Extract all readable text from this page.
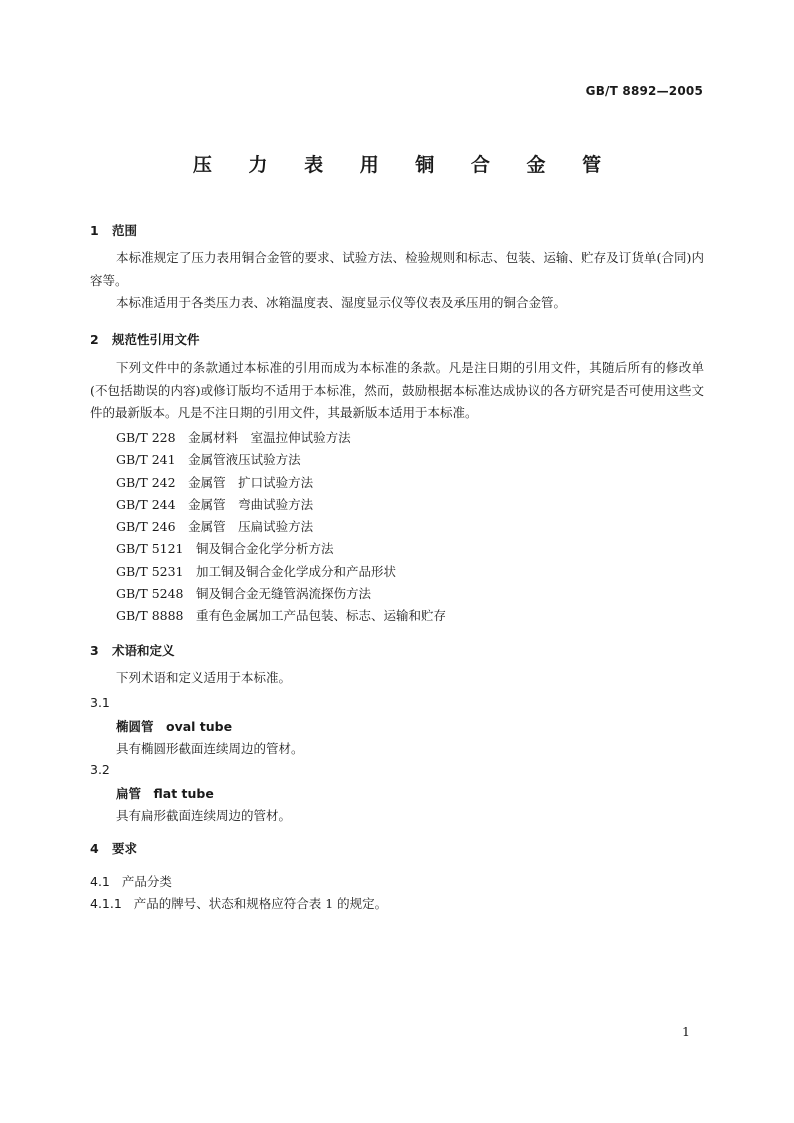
GB/T 8892—2005
压 力 表 用 铜 合 金 管
1 范围
本标准规定了压力表用铜合金管的要求、试验方法、检验规则和标志、包装、运输、贮存及订货单(合同)内容等。
本标准适用于各类压力表、冰箱温度表、湿度显示仪等仪表及承压用的铜合金管。
2 规范性引用文件
下列文件中的条款通过本标准的引用而成为本标准的条款。凡是注日期的引用文件，其随后所有的修改单(不包括勘误的内容)或修订版均不适用于本标准，然而，鼓励根据本标准达成协议的各方研究是否可使用这些文件的最新版本。凡是不注日期的引用文件，其最新版本适用于本标准。
GB/T 228　 金属材料　室温拉伸试验方法
GB/T 241　 金属管液压试验方法
GB/T 242　 金属管　扩口试验方法
GB/T 244　 金属管　弯曲试验方法
GB/T 246　 金属管　压扁试验方法
GB/T 5121　 铜及铜合金化学分析方法
GB/T 5231　 加工铜及铜合金化学成分和产品形状
GB/T 5248　 铜及铜合金无缝管涡流探伤方法
GB/T 8888　 重有色金属加工产品包装、标志、运输和贮存
3 术语和定义
下列术语和定义适用于本标准。
3.1
椭圆管　oval tube
具有椭圆形截面连续周边的管材。
3.2
扁管　flat tube
具有扁形截面连续周边的管材。
4 要求
4.1 产品分类
4.1.1 产品的牌号、状态和规格应符合表 1 的规定。
1
